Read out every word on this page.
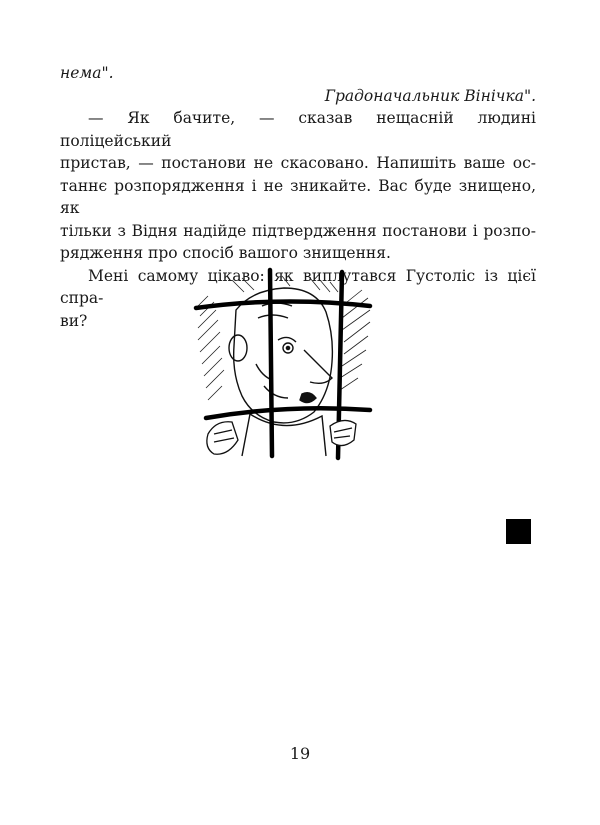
нема".

Градоначальник Вінічка".

— Як бачите, — сказав нещасній людині поліцейський

пристав, — постанови не скасовано. Напишіть ваше ос-

таннє розпорядження і не зникайте. Вас буде знищено, як

тільки з Відня надійде підтвердження постанови і розпо-

рядження про спосіб вашого знищення.

Мені самому цікаво: як виплутався Густоліс із цієї спра-

ви?

19
